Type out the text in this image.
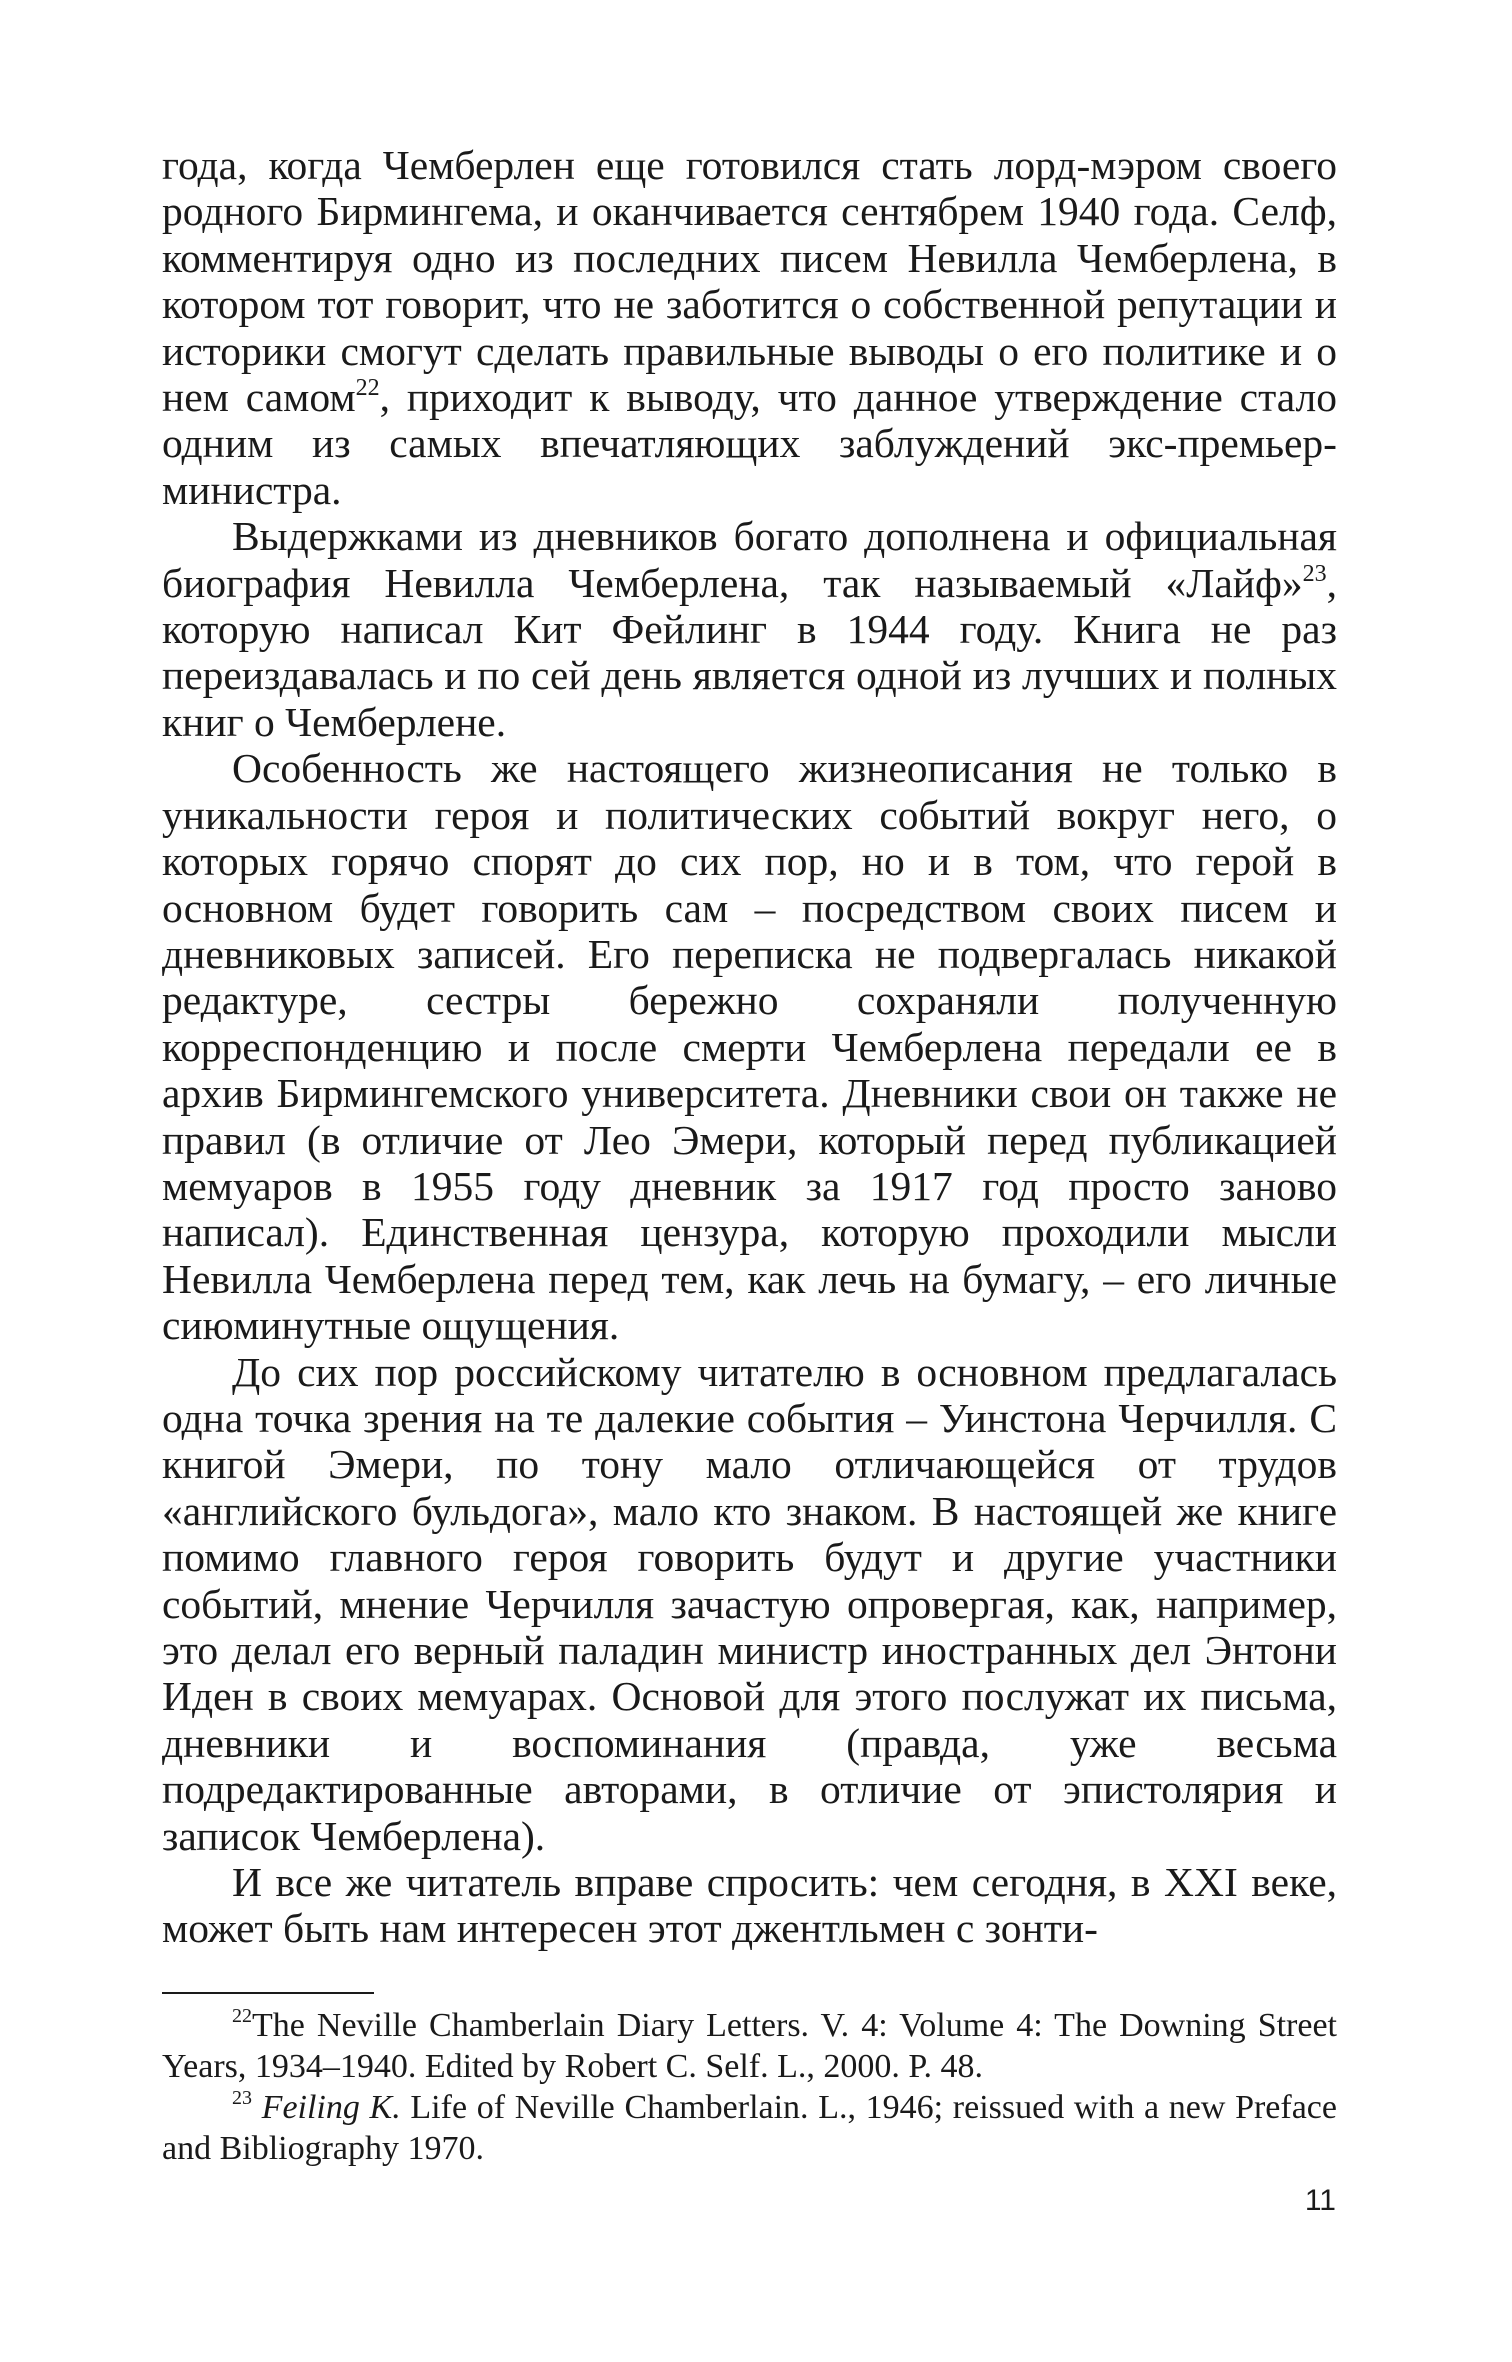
года, когда Чемберлен еще готовился стать лорд-мэром своего родного Бирмингема, и оканчивается сентябрем 1940 года. Селф, комментируя одно из последних писем Невилла Чемберлена, в котором тот говорит, что не заботится о собственной репутации и историки смогут сделать правильные выводы о его политике и о нем самом$^{22}$, приходит к выводу, что данное утверждение стало одним из самых впечатляющих заблуждений экс-премьер-министра.

Выдержками из дневников богато дополнена и официальная биография Невилла Чемберлена, так называемый «Лайф»$^{23}$, которую написал Кит Фейлинг в 1944 году. Книга не раз переиздавалась и по сей день является одной из лучших и полных книг о Чемберлене.

Особенность же настоящего жизнеописания не только в уникальности героя и политических событий вокруг него, о которых горячо спорят до сих пор, но и в том, что герой в основном будет говорить сам – посредством своих писем и дневниковых записей. Его переписка не подвергалась никакой редактуре, сестры бережно сохраняли полученную корреспонденцию и после смерти Чемберлена передали ее в архив Бирмингемского университета. Дневники свои он также не правил (в отличие от Лео Эмери, который перед публикацией мемуаров в 1955 году дневник за 1917 год просто заново написал). Единственная цензура, которую проходили мысли Невилла Чемберлена перед тем, как лечь на бумагу, – его личные сиюминутные ощущения.

До сих пор российскому читателю в основном предлагалась одна точка зрения на те далекие события – Уинстона Черчилля. С книгой Эмери, по тону мало отличающейся от трудов «английского бульдога», мало кто знаком. В настоящей же книге помимо главного героя говорить будут и другие участники событий, мнение Черчилля зачастую опровергая, как, например, это делал его верный паладин министр иностранных дел Энтони Иден в своих мемуарах. Основой для этого послужат их письма, дневники и воспоминания (правда, уже весьма подредактированные авторами, в отличие от эпистолярия и записок Чемберлена).

И все же читатель вправе спросить: чем сегодня, в XXI веке, может быть нам интересен этот джентльмен с зонти-

$^{22}$The Neville Chamberlain Diary Letters. V. 4: Volume 4: The Downing Street Years, 1934–1940. Edited by Robert C. Self. L., 2000. P. 48.

$^{23}$ Feiling K. Life of Neville Chamberlain. L., 1946; reissued with a new Preface and Bibliography 1970.

11
